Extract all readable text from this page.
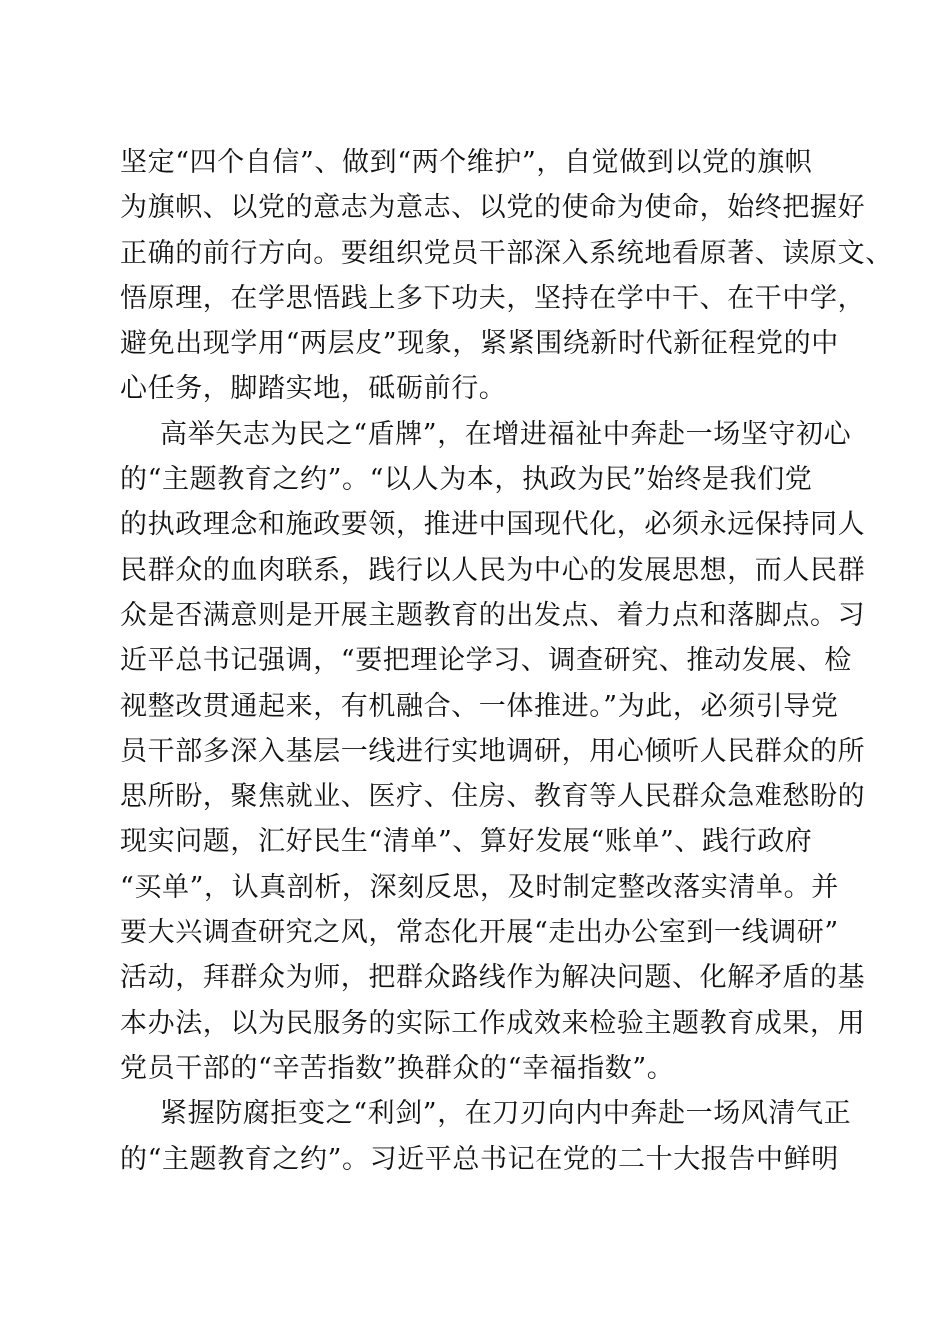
坚定“四个自信”、做到“两个维护”，自觉做到以党的旗帜
为旗帜、以党的意志为意志、以党的使命为使命，始终把握好
正确的前行方向。要组织党员干部深入系统地看原著、读原文、
悟原理，在学思悟践上多下功夫，坚持在学中干、在干中学，
避免出现学用“两层皮”现象，紧紧围绕新时代新征程党的中
心任务，脚踏实地，砥砺前行。

高举矢志为民之“盾牌”，在增进福祉中奔赴一场坚守初心
的“主题教育之约”。“以人为本，执政为民”始终是我们党
的执政理念和施政要领，推进中国现代化，必须永远保持同人
民群众的血肉联系，践行以人民为中心的发展思想，而人民群
众是否满意则是开展主题教育的出发点、着力点和落脚点。习
近平总书记强调，“要把理论学习、调查研究、推动发展、检
视整改贯通起来，有机融合、一体推进。”为此，必须引导党
员干部多深入基层一线进行实地调研，用心倾听人民群众的所
思所盼，聚焦就业、医疗、住房、教育等人民群众急难愁盼的
现实问题，汇好民生“清单”、算好发展“账单”、践行政府
“买单”，认真剖析，深刻反思，及时制定整改落实清单。并
要大兴调查研究之风，常态化开展“走出办公室到一线调研”
活动，拜群众为师，把群众路线作为解决问题、化解矛盾的基
本办法，以为民服务的实际工作成效来检验主题教育成果，用
党员干部的“辛苦指数”换群众的“幸福指数”。

紧握防腐拒变之“利剑”，在刀刃向内中奔赴一场风清气正
的“主题教育之约”。习近平总书记在党的二十大报告中鲜明
